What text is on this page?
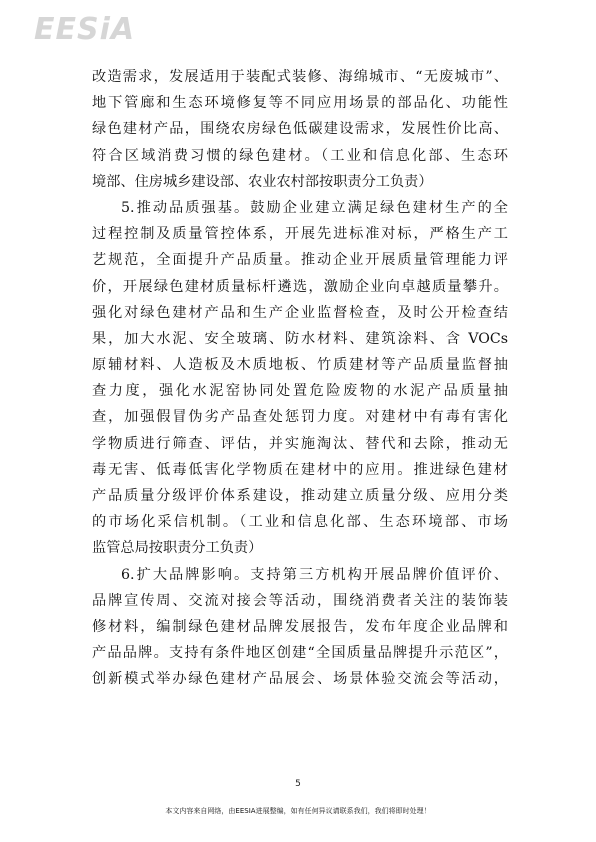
EESiA
改造需求，发展适用于装配式装修、海绵城市、“无废城市”、
地下管廊和生态环境修复等不同应用场景的部品化、功能性
绿色建材产品，围绕农房绿色低碳建设需求，发展性价比高、
符合区域消费习惯的绿色建材。（工业和信息化部、生态环
境部、住房城乡建设部、农业农村部按职责分工负责）
5.推动品质强基。鼓励企业建立满足绿色建材生产的全
过程控制及质量管控体系，开展先进标准对标，严格生产工
艺规范，全面提升产品质量。推动企业开展质量管理能力评
价，开展绿色建材质量标杆遴选，激励企业向卓越质量攀升。
强化对绿色建材产品和生产企业监督检查，及时公开检查结
果，加大水泥、安全玻璃、防水材料、建筑涂料、含 VOCs
原辅材料、人造板及木质地板、竹质建材等产品质量监督抽
查力度，强化水泥窑协同处置危险废物的水泥产品质量抽
查，加强假冒伪劣产品查处惩罚力度。对建材中有毒有害化
学物质进行筛查、评估，并实施淘汰、替代和去除，推动无
毒无害、低毒低害化学物质在建材中的应用。推进绿色建材
产品质量分级评价体系建设，推动建立质量分级、应用分类
的市场化采信机制。（工业和信息化部、生态环境部、市场
监管总局按职责分工负责）
6.扩大品牌影响。支持第三方机构开展品牌价值评价、
品牌宣传周、交流对接会等活动，围绕消费者关注的装饰装
修材料，编制绿色建材品牌发展报告，发布年度企业品牌和
产品品牌。支持有条件地区创建“全国质量品牌提升示范区”，
创新模式举办绿色建材产品展会、场景体验交流会等活动，
5
本文内容来自网络，由EESIA进展整编，如有任何异议请联系我们，我们将即时处理！
